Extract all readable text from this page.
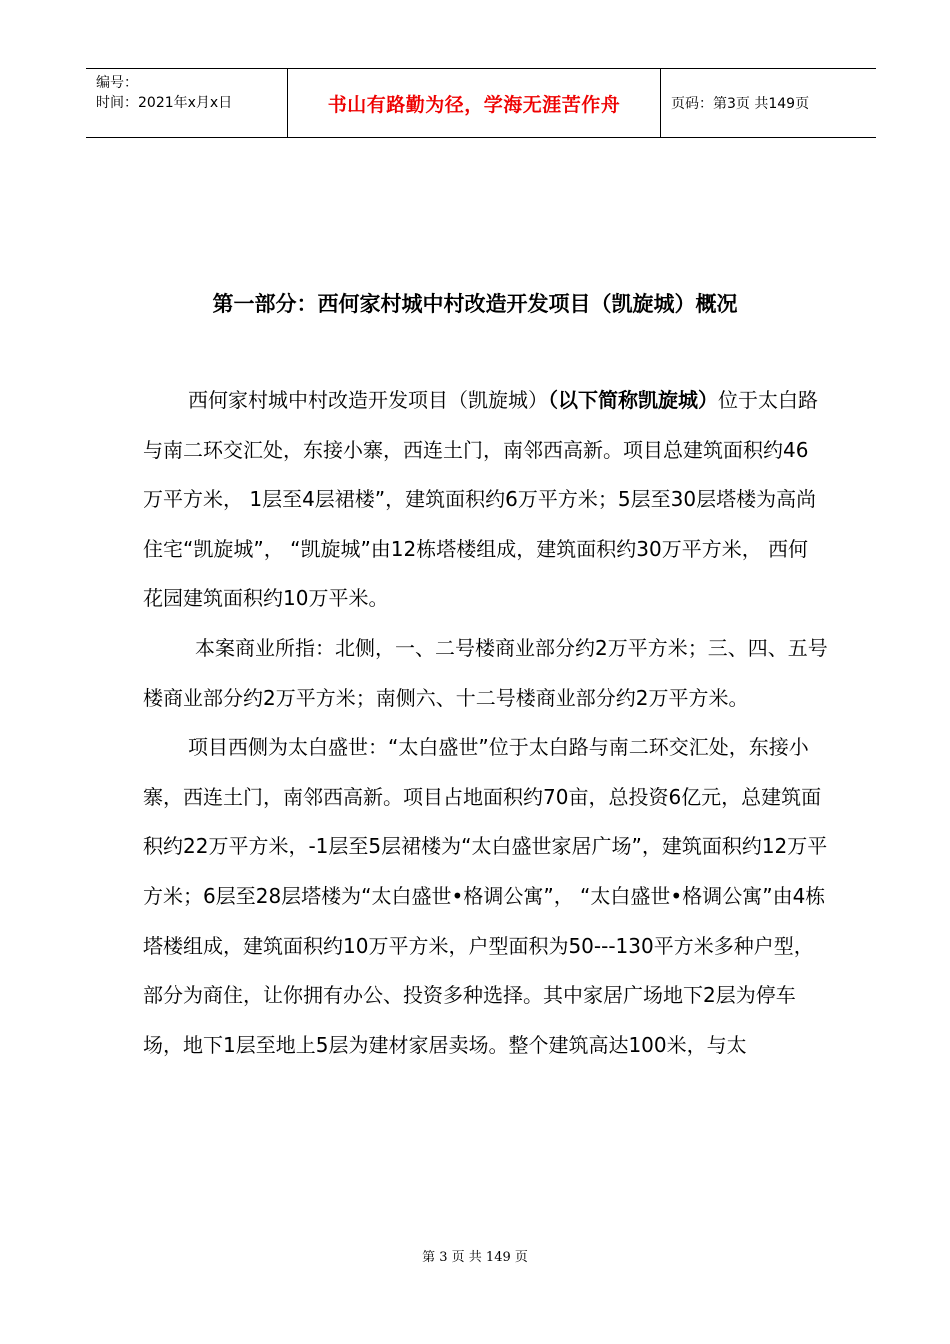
编号：
时间：2021年x月x日	书山有路勤为径，学海无涯苦作舟	页码：第3页 共149页
第一部分：西何家村城中村改造开发项目（凯旋城）概况

西何家村城中村改造开发项目（凯旋城）（以下简称凯旋城）位于太白路与南二环交汇处，东接小寨，西连土门，南邻西高新。项目总建筑面积约46万平方米， 1层至4层裙楼”，建筑面积约6万平方米；5层至30层塔楼为高尚住宅“凯旋城”， “凯旋城”由12栋塔楼组成，建筑面积约30万平方米， 西何花园建筑面积约10万平米。

本案商业所指：北侧，一、二号楼商业部分约2万平方米；三、四、五号楼商业部分约2万平方米；南侧六、十二号楼商业部分约2万平方米。

项目西侧为太白盛世：“太白盛世”位于太白路与南二环交汇处，东接小寨，西连土门，南邻西高新。项目占地面积约70亩，总投资6亿元，总建筑面积约22万平方米，-1层至5层裙楼为“太白盛世家居广场”，建筑面积约12万平方米；6层至28层塔楼为“太白盛世•格调公寓”， “太白盛世•格调公寓”由4栋塔楼组成，建筑面积约10万平方米，户型面积为50---130平方米多种户型，部分为商住，让你拥有办公、投资多种选择。其中家居广场地下2层为停车场，地下1层至地上5层为建材家居卖场。整个建筑高达100米，与太

第 3 页 共 149 页
